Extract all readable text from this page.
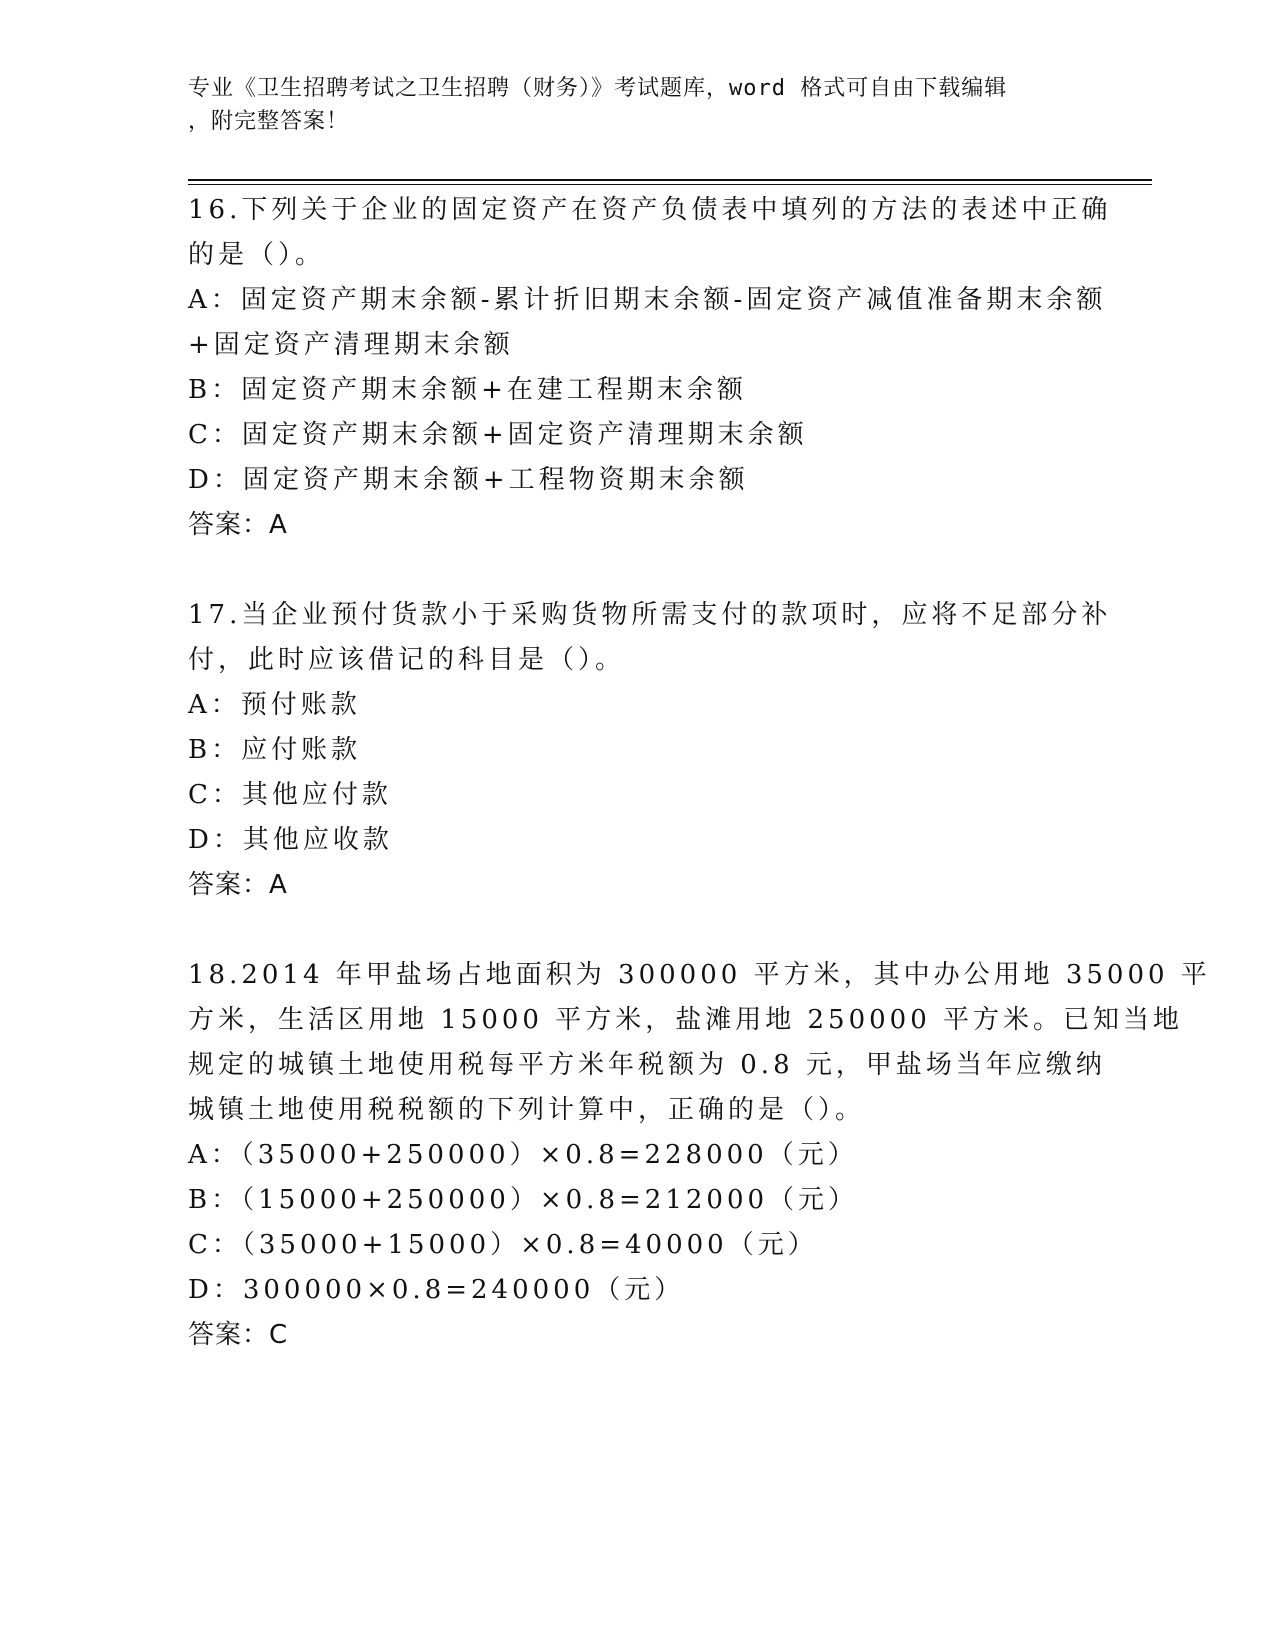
专业《卫生招聘考试之卫生招聘（财务）》考试题库，word 格式可自由下载编辑
，附完整答案！
16.下列关于企业的固定资产在资产负债表中填列的方法的表述中正确
的是（）。
A：固定资产期末余额-累计折旧期末余额-固定资产减值准备期末余额
+固定资产清理期末余额
B：固定资产期末余额+在建工程期末余额
C：固定资产期末余额+固定资产清理期末余额
D：固定资产期末余额+工程物资期末余额
答案：A
17.当企业预付货款小于采购货物所需支付的款项时，应将不足部分补
付，此时应该借记的科目是（）。
A：预付账款
B：应付账款
C：其他应付款
D：其他应收款
答案：A
18.2014 年甲盐场占地面积为 300000 平方米，其中办公用地 35000 平
方米，生活区用地 15000 平方米，盐滩用地 250000 平方米。已知当地
规定的城镇土地使用税每平方米年税额为 0.8 元，甲盐场当年应缴纳
城镇土地使用税税额的下列计算中，正确的是（）。
A：（35000+250000）×0.8=228000（元）
B：（15000+250000）×0.8=212000（元）
C：（35000+15000）×0.8=40000（元）
D：300000×0.8=240000（元）
答案：C
